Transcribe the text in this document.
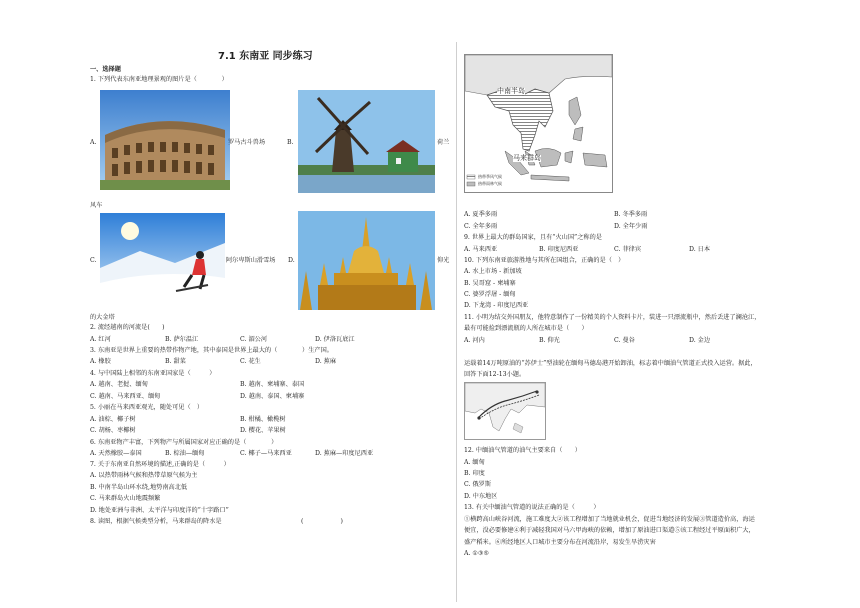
7.1 东南亚 同步练习
一、选择题
1. 下列代表东南亚地理景观的图片是（　　　　）
A.	罗马古斗兽场	B.	荷兰
风车
C.	阿尔卑斯山滑雪场 D.	仰光
的大金塔
2. 流经越南的河流是(　　)
A. 红河	B. 萨尔温江	C. 湄公河	D. 伊洛瓦底江
3. 东南亚是世界上重要的热带作物产地，其中泰国是世界上最大的（　　　　）生产国。
A. 橡胶	B. 甜菜	C. 花生	D. 蕉麻
4. 与中国陆上相邻的东南亚国家是（　　　）
A. 越南、老挝、缅甸	B. 越南、柬埔寨、泰国
C. 越南、马来西亚、缅甸	D. 越南、泰国、柬埔寨
5. 小丽在马来西亚观光，随处可见（　）
A. 油棕、椰子树	B. 柑橘、橄榄树
C. 胡杨、枣椰树	D. 樱花、苹果树
6. 东南亚物产丰富，下列物产与所属国家对应正确的是（　　　　）
A. 天然橡胶—泰国	B. 棕油—缅甸	C. 椰子—马来西亚	D. 蕉麻—印度尼西亚
7. 关于东南亚自然环境的描述,正确的是（　　　）
A. 以热带雨林气候和热带草原气候为主
B. 中南半岛山环水绕,地势南高北低
C. 马来群岛火山地震频繁
D. 地处亚洲与非洲、太平洋与印度洋的“十字路口”
8. 读图，根据气候类型分析，马来群岛的降水是	(　　　　　　)
中南半岛
马来群岛
热带季风气候
热带雨林气候
A. 夏季多雨	B. 冬季多雨
C. 全年多雨	D. 全年少雨
9. 世界上最大的群岛国家，且有“火山国”之称的是
A. 马来西亚	B. 印度尼西亚	C. 菲律宾	D. 日本
10. 下列东南亚旅游胜地与其所在国组合，正确的是（　）
A. 水上市场 - 新加坡
B. 吴哥窟 - 柬埔寨
C. 婆罗浮屠 - 缅甸
D. 下龙湾 - 印度尼西亚
11. 小明为结交外国朋友，他特意制作了一份精美的个人资料卡片，装进一只漂流瓶中，然后丢进了澜沧江，
最有可能捡到漂流瓶的人所在城市是（　　）
A. 河内	B. 仰光	C. 曼谷	D. 金边
运载着14万吨原油的“苏伊士”型油轮在缅甸马德岛港开始卸油，标志着中缅油气管道正式投入运营。据此，
回答下面12-13小题。
12. 中缅油气管道的油气主要来自（　　）
A. 缅甸
B. 印度
C. 俄罗斯
D. 中东地区
13. 有关中缅油气管道的说法正确的是（　　　）
①横跨高山峡谷河流，施工难度大②该工程增加了当地就业机会，促进当地经济的发展③管道造价高，海运
便宜，没必要修建④利于减轻我国对马六甲海峡的依赖，增加了原油进口渠道⑤该工程经过平原面积广大，
盛产稻米。⑥所经地区人口城市主要分布在河流沿岸，易发生旱涝灾害
A. ①③⑤
